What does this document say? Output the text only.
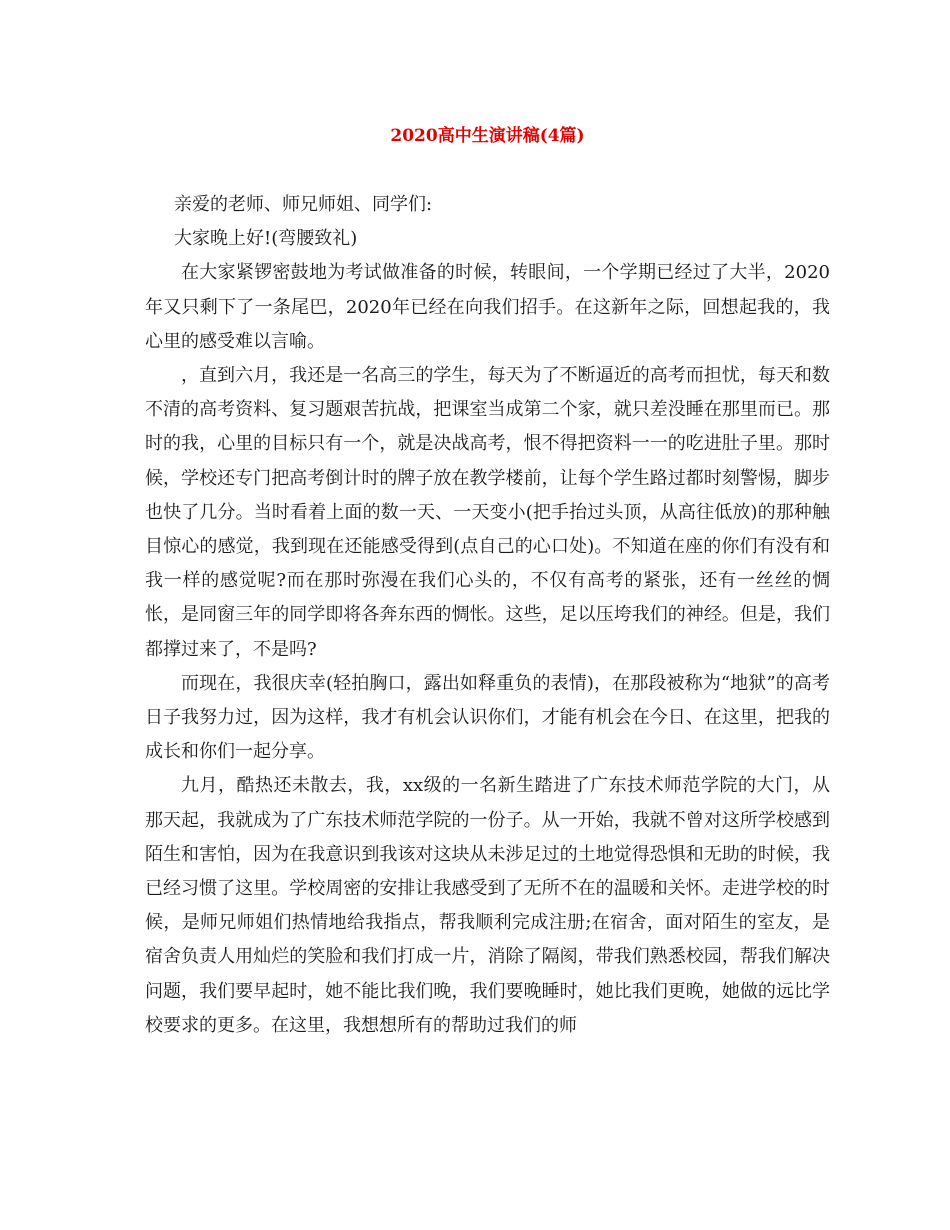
2020高中生演讲稿(4篇)

亲爱的老师、师兄师姐、同学们:

大家晚上好!(弯腰致礼)

在大家紧锣密鼓地为考试做准备的时候，转眼间，一个学期已经过了大半，2020年又只剩下了一条尾巴，2020年已经在向我们招手。在这新年之际，回想起我的，我心里的感受难以言喻。

，直到六月，我还是一名高三的学生，每天为了不断逼近的高考而担忧，每天和数不清的高考资料、复习题艰苦抗战，把课室当成第二个家，就只差没睡在那里而已。那时的我，心里的目标只有一个，就是决战高考，恨不得把资料一一的吃进肚子里。那时候，学校还专门把高考倒计时的牌子放在教学楼前，让每个学生路过都时刻警惕，脚步也快了几分。当时看着上面的数一天、一天变小(把手抬过头顶，从高往低放)的那种触目惊心的感觉，我到现在还能感受得到(点自己的心口处)。不知道在座的你们有没有和我一样的感觉呢?而在那时弥漫在我们心头的，不仅有高考的紧张，还有一丝丝的惆怅，是同窗三年的同学即将各奔东西的惆怅。这些，足以压垮我们的神经。但是，我们都撑过来了，不是吗?

而现在，我很庆幸(轻拍胸口，露出如释重负的表情)，在那段被称为“地狱”的高考日子我努力过，因为这样，我才有机会认识你们，才能有机会在今日、在这里，把我的成长和你们一起分享。

九月，酷热还未散去，我，xx级的一名新生踏进了广东技术师范学院的大门，从那天起，我就成为了广东技术师范学院的一份子。从一开始，我就不曾对这所学校感到陌生和害怕，因为在我意识到我该对这块从未涉足过的土地觉得恐惧和无助的时候，我已经习惯了这里。学校周密的安排让我感受到了无所不在的温暖和关怀。走进学校的时候，是师兄师姐们热情地给我指点，帮我顺利完成注册;在宿舍，面对陌生的室友，是宿舍负责人用灿烂的笑脸和我们打成一片，消除了隔阂，带我们熟悉校园，帮我们解决问题，我们要早起时，她不能比我们晚，我们要晚睡时，她比我们更晚，她做的远比学校要求的更多。在这里，我想想所有的帮助过我们的师
